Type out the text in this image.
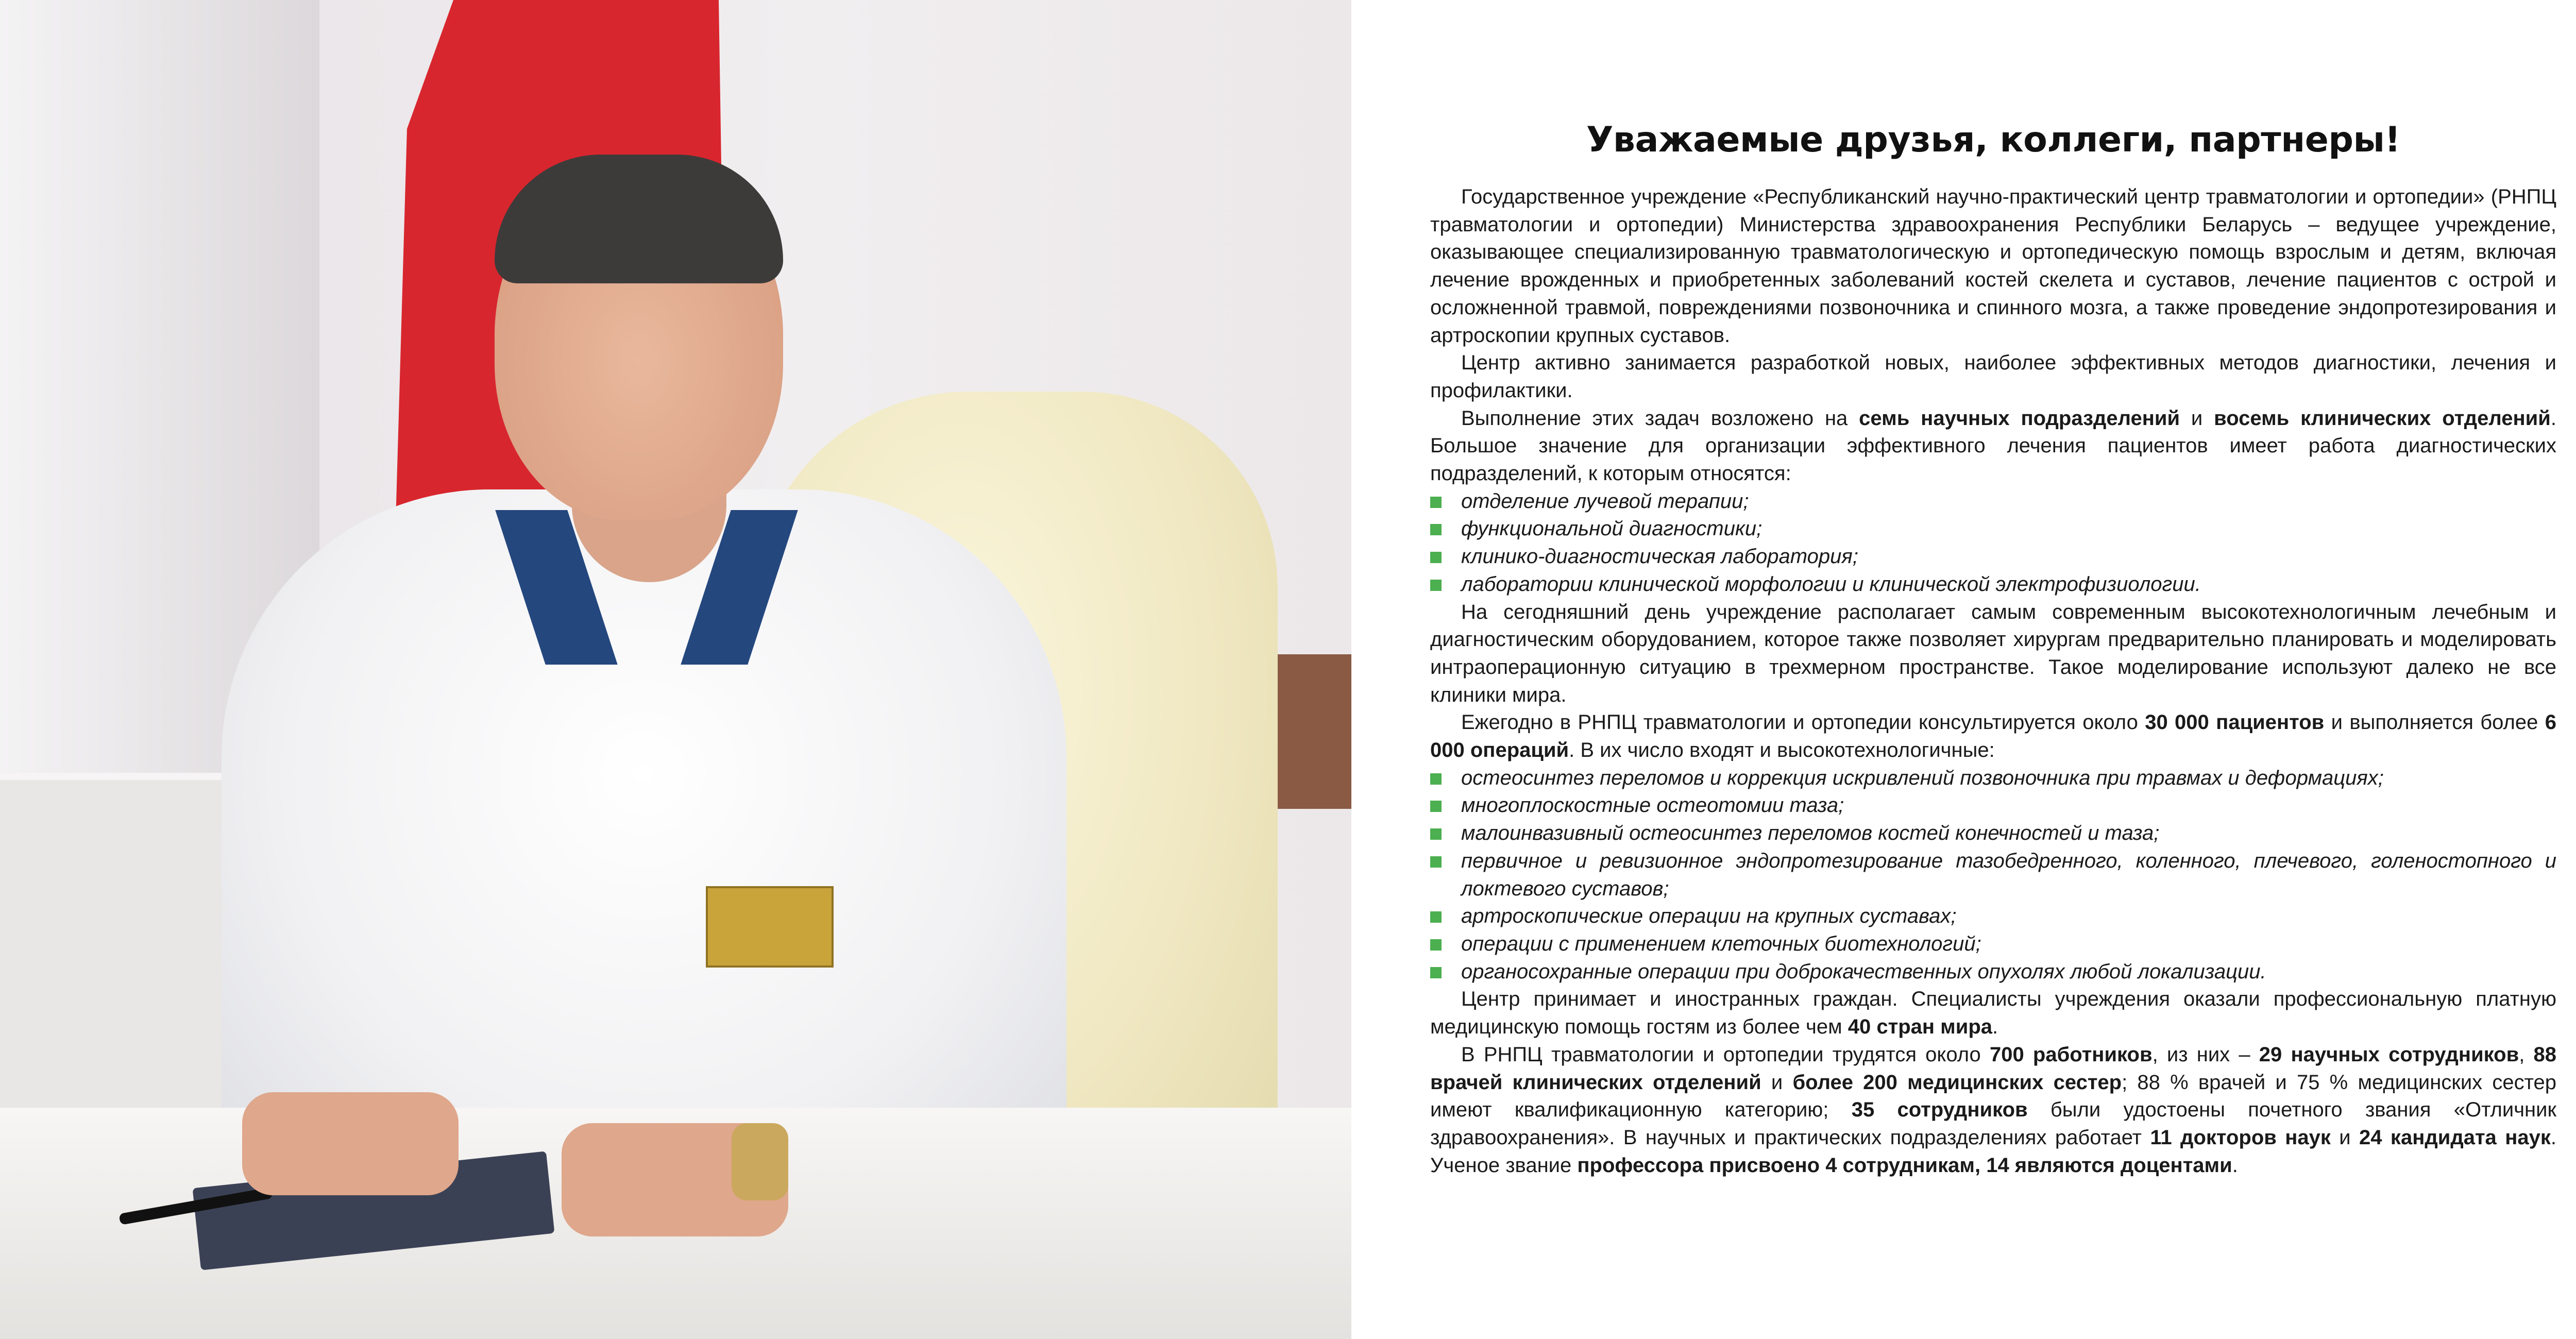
Уважаемые друзья, коллеги, партнеры!

Государственное учреждение «Республиканский научно-практический центр травматологии и ортопедии» (РНПЦ травматологии и ортопедии) Министерства здравоохранения Республики Беларусь – ведущее учреждение, оказывающее специализированную травматологическую и ортопедическую помощь взрослым и детям, включая лечение врожденных и приобретенных заболеваний костей скелета и суставов, лечение пациентов с острой и осложненной травмой, повреждениями позвоночника и спинного мозга, а также проведение эндопротезирования и артроскопии крупных суставов.

Центр активно занимается разработкой новых, наиболее эффективных методов диагностики, лечения и профилактики.

Выполнение этих задач возложено на семь научных подразделений и восемь клинических отделений. Большое значение для организации эффективного лечения пациентов имеет работа диагностических подразделений, к которым относятся:

отделение лучевой терапии;
функциональной диагностики;
клинико-диагностическая лаборатория;
лаборатории клинической морфологии и клинической электрофизиологии.

На сегодняшний день учреждение располагает самым современным высокотехнологичным лечебным и диагностическим оборудованием, которое также позволяет хирургам предварительно планировать и моделировать интраоперационную ситуацию в трехмерном пространстве. Такое моделирование используют далеко не все клиники мира.

Ежегодно в РНПЦ травматологии и ортопедии консультируется около 30 000 пациентов и выполняется более 6 000 операций. В их число входят и высокотехнологичные:

остеосинтез переломов и коррекция искривлений позвоночника при травмах и деформациях;
многоплоскостные остеотомии таза;
малоинвазивный остеосинтез переломов костей конечностей и таза;
первичное и ревизионное эндопротезирование тазобедренного, коленного, плечевого, голеностопного и локтевого суставов;
артроскопические операции на крупных суставах;
операции с применением клеточных биотехнологий;
органосохранные операции при доброкачественных опухолях любой локализации.

Центр принимает и иностранных граждан. Специалисты учреждения оказали профессиональную платную медицинскую помощь гостям из более чем 40 стран мира.

В РНПЦ травматологии и ортопедии трудятся около 700 работников, из них – 29 научных сотрудников, 88 врачей клинических отделений и более 200 медицинских сестер; 88 % врачей и 75 % медицинских сестер имеют квалификационную категорию; 35 сотрудников были удостоены почетного звания «Отличник здравоохранения». В научных и практических подразделениях работает 11 докторов наук и 24 кандидата наук. Ученое звание профессора присвоено 4 сотрудникам, 14 являются доцентами.
